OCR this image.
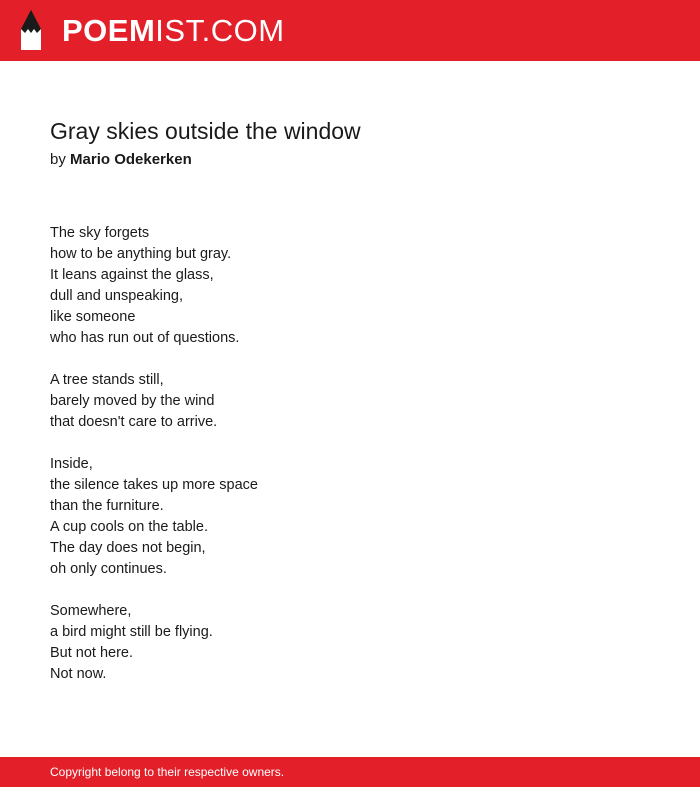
POEM IST.COM
Gray skies outside the window

by Mario Odekerken

The sky forgets
how to be anything but gray.
It leans against the glass,
dull and unspeaking,
like someone
who has run out of questions.
A tree stands still,
barely moved by the wind
that doesn't care to arrive.
Inside,
the silence takes up more space
than the furniture.
A cup cools on the table.
The day does not begin,
oh only continues.
Somewhere,
a bird might still be flying.
But not here.
Not now.
Copyright belong to their respective owners.
